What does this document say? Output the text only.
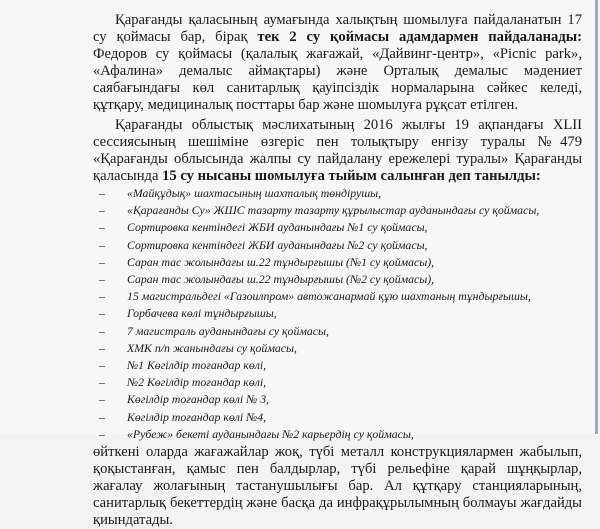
Қарағанды қаласының аумағында халықтың шомылуға пайдаланатын 17 су қоймасы бар, бірақ тек 2 су қоймасы адамдармен пайдаланады: Федоров су қоймасы (қалалық жағажай, «Дайвинг-центр», «Picnic park», «Афалина» демалыс аймақтары) және Орталық демалыс мәдениет саябағындағы көл санитарлық қауіпсіздік нормаларына сәйкес келеді, құтқару, медициналық посттары бар және шомылуға рұқсат етілген.

Қарағанды облыстық мәслихатының 2016 жылғы 19 ақпандағы XLII сессиясының шешіміне өзгеріс пен толықтыру енгізу туралы №479 «Қарағанды облысында жалпы су пайдалану ережелері туралы» Қарағанды қаласында 15 су нысаны шомылуға тыйым салынған деп танылды:

– «Майқұдық» шахтасының шахталық төндірушы,
– «Қарағанды Су» ЖШС тазарту тазарту құрылыстар ауданындағы су қоймасы,
– Сортировка кентіндегі ЖБИ ауданындағы №1 су қоймасы,
– Сортировка кентіндегі ЖБИ ауданындағы №2 су қоймасы,
– Саран тас жолындағы ш.22 тұндырғышы (№1 су қоймасы),
– Саран тас жолындағы ш.22 тұндырғышы (№2 су қоймасы),
– 15 магистральдегі «Газоилпром» автожанармай құю шахтаның тұндырғышы,
– Горбачева көлі тұндырғышы,
– 7 магистраль ауданындағы су қоймасы,
– ХМК п/п жанындағы су қоймасы,
– №1 Көгілдір тоғандар көлі,
– №2 Көгілдір тоғандар көлі,
– Көгілдір тоғандар көлі № 3,
– Көгілдір тоғандар көлі №4,
– «Рубеж» бекеті ауданындағы №2 карьердің су қоймасы,

өйткені оларда жағажайлар жоқ, түбі металл конструкциялармен жабылып, қоқыстанған, қамыс пен балдырлар, түбі рельефіне қарай шұңқырлар, жағалау жолағының тастанушылығы бар. Ал құтқару станцияларының, санитарлық бекеттердің және басқа да инфрақұрылымның болмауы жағдайды қиындатады.
